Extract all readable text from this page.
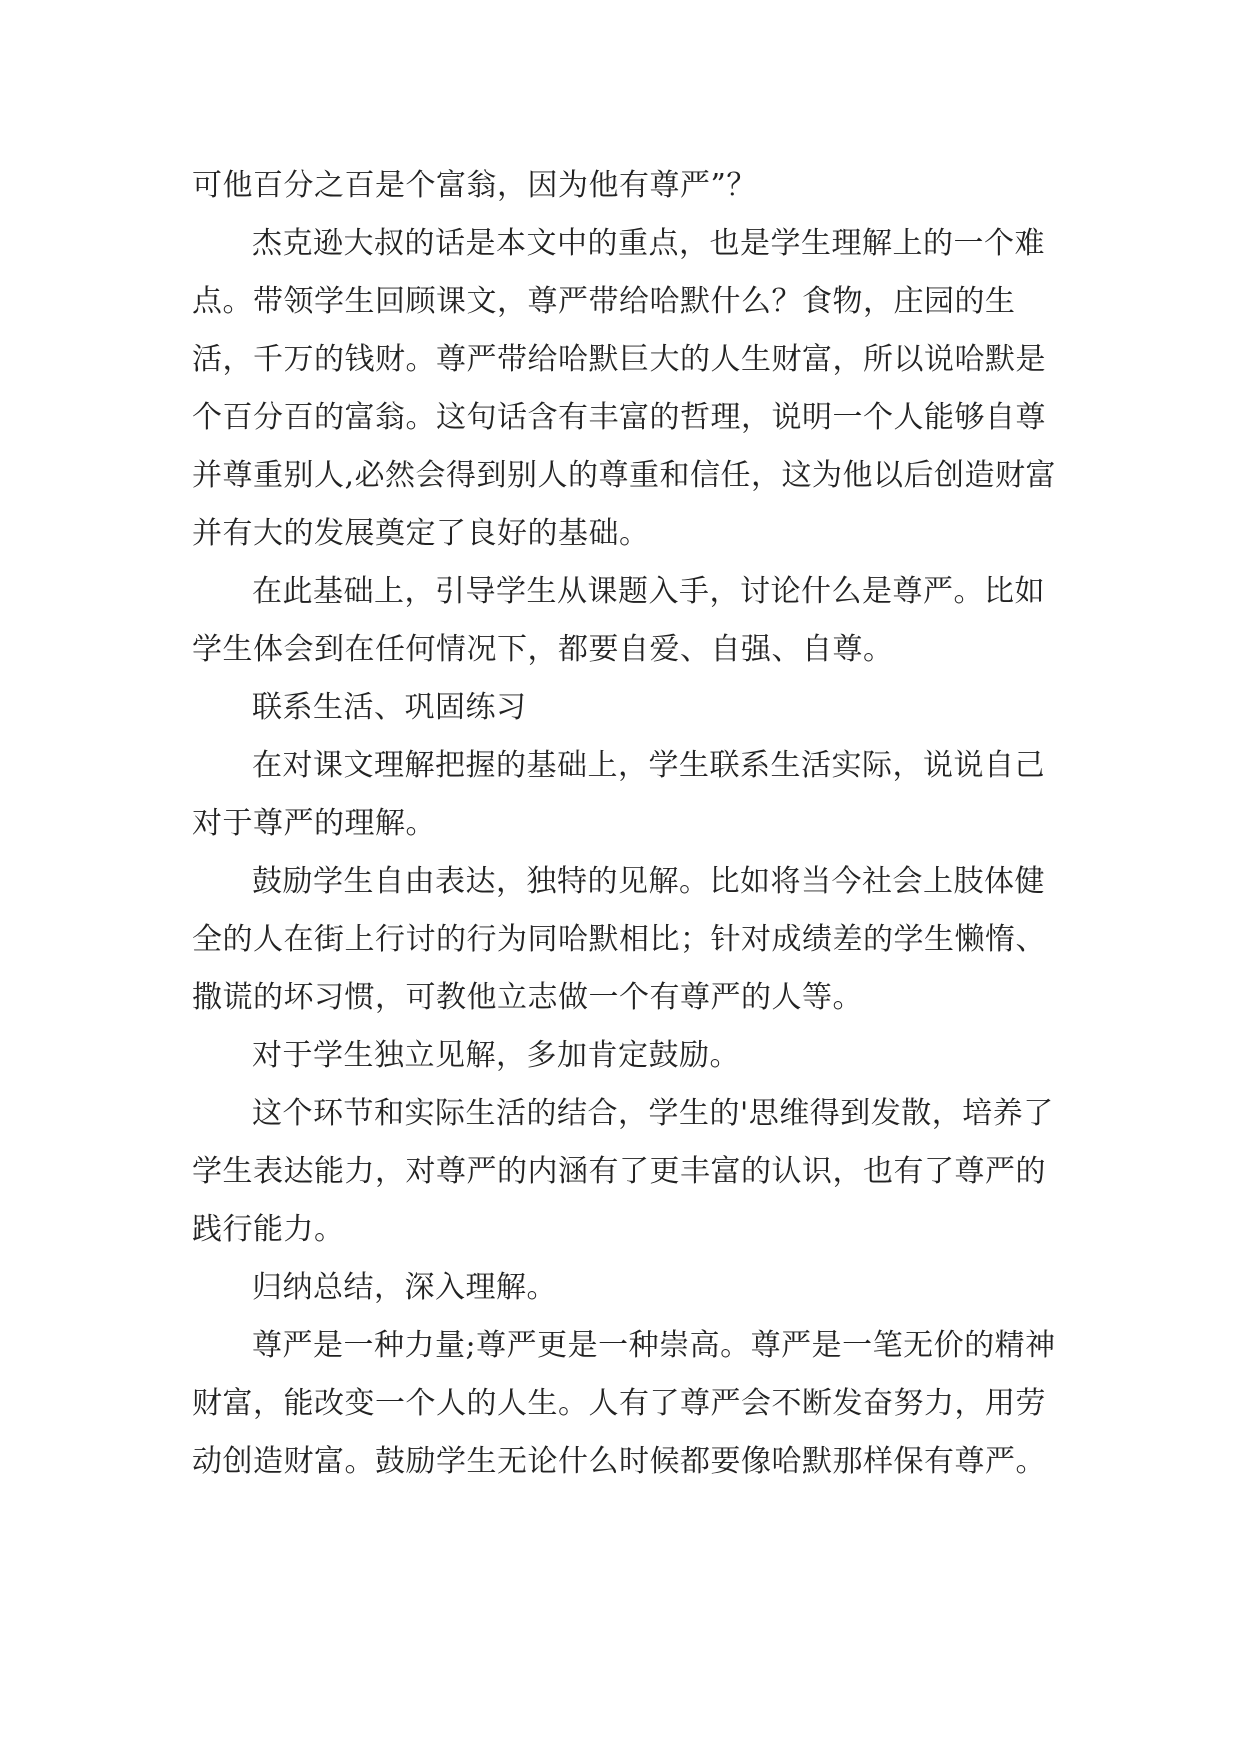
可他百分之百是个富翁，因为他有尊严”？

杰克逊大叔的话是本文中的重点，也是学生理解上的一个难点。带领学生回顾课文，尊严带给哈默什么？食物，庄园的生活，千万的钱财。尊严带给哈默巨大的人生财富，所以说哈默是个百分百的富翁。这句话含有丰富的哲理，说明一个人能够自尊并尊重别人,必然会得到别人的尊重和信任，这为他以后创造财富并有大的发展奠定了良好的基础。

在此基础上，引导学生从课题入手，讨论什么是尊严。比如学生体会到在任何情况下，都要自爱、自强、自尊。

联系生活、巩固练习

在对课文理解把握的基础上，学生联系生活实际，说说自己对于尊严的理解。

鼓励学生自由表达，独特的见解。比如将当今社会上肢体健全的人在街上行讨的行为同哈默相比；针对成绩差的学生懒惰、撒谎的坏习惯，可教他立志做一个有尊严的人等。

对于学生独立见解，多加肯定鼓励。

这个环节和实际生活的结合，学生的'思维得到发散，培养了学生表达能力，对尊严的内涵有了更丰富的认识，也有了尊严的践行能力。

归纳总结，深入理解。

尊严是一种力量;尊严更是一种崇高。尊严是一笔无价的精神财富，能改变一个人的人生。人有了尊严会不断发奋努力，用劳动创造财富。鼓励学生无论什么时候都要像哈默那样保有尊严。
